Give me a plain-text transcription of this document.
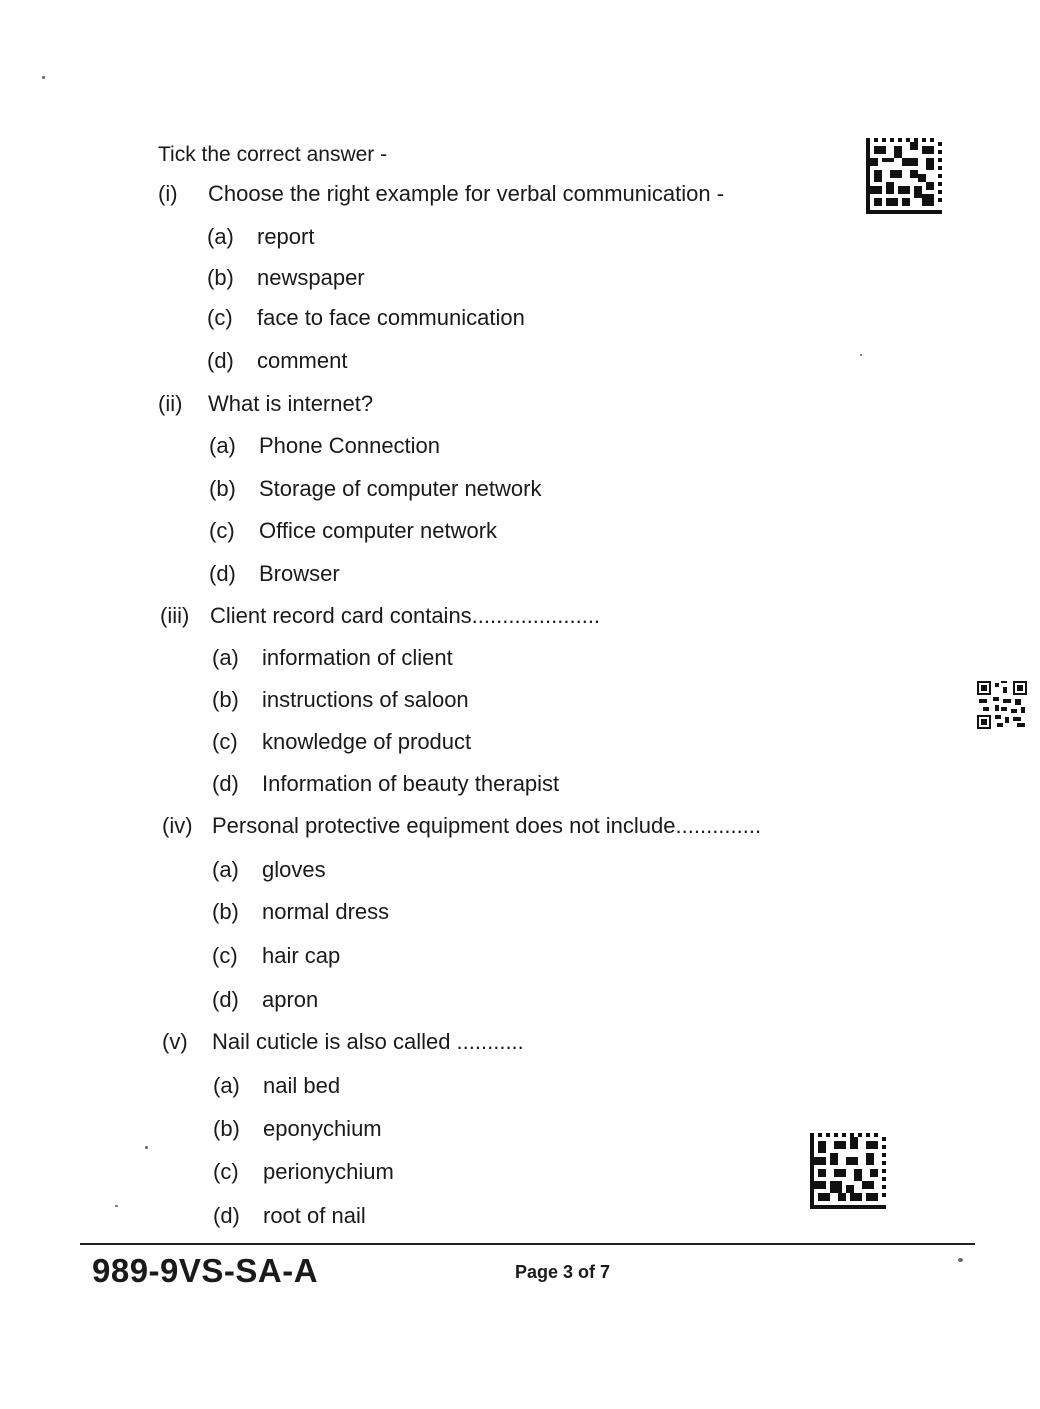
Tick the correct answer -
(i) Choose the right example for verbal communication -
(a) report
(b) newspaper
(c) face to face communication
(d) comment
(ii) What is internet?
(a) Phone Connection
(b) Storage of computer network
(c) Office computer network
(d) Browser
(iii) Client record card contains.....................
(a) information of client
(b) instructions of saloon
(c) knowledge of product
(d) Information of beauty therapist
(iv) Personal protective equipment does not include..............
(a) gloves
(b) normal dress
(c) hair cap
(d) apron
(v) Nail cuticle is also called ...........
(a) nail bed
(b) eponychium
(c) perionychium
(d) root of nail
989-9VS-SA-A	Page 3 of 7
